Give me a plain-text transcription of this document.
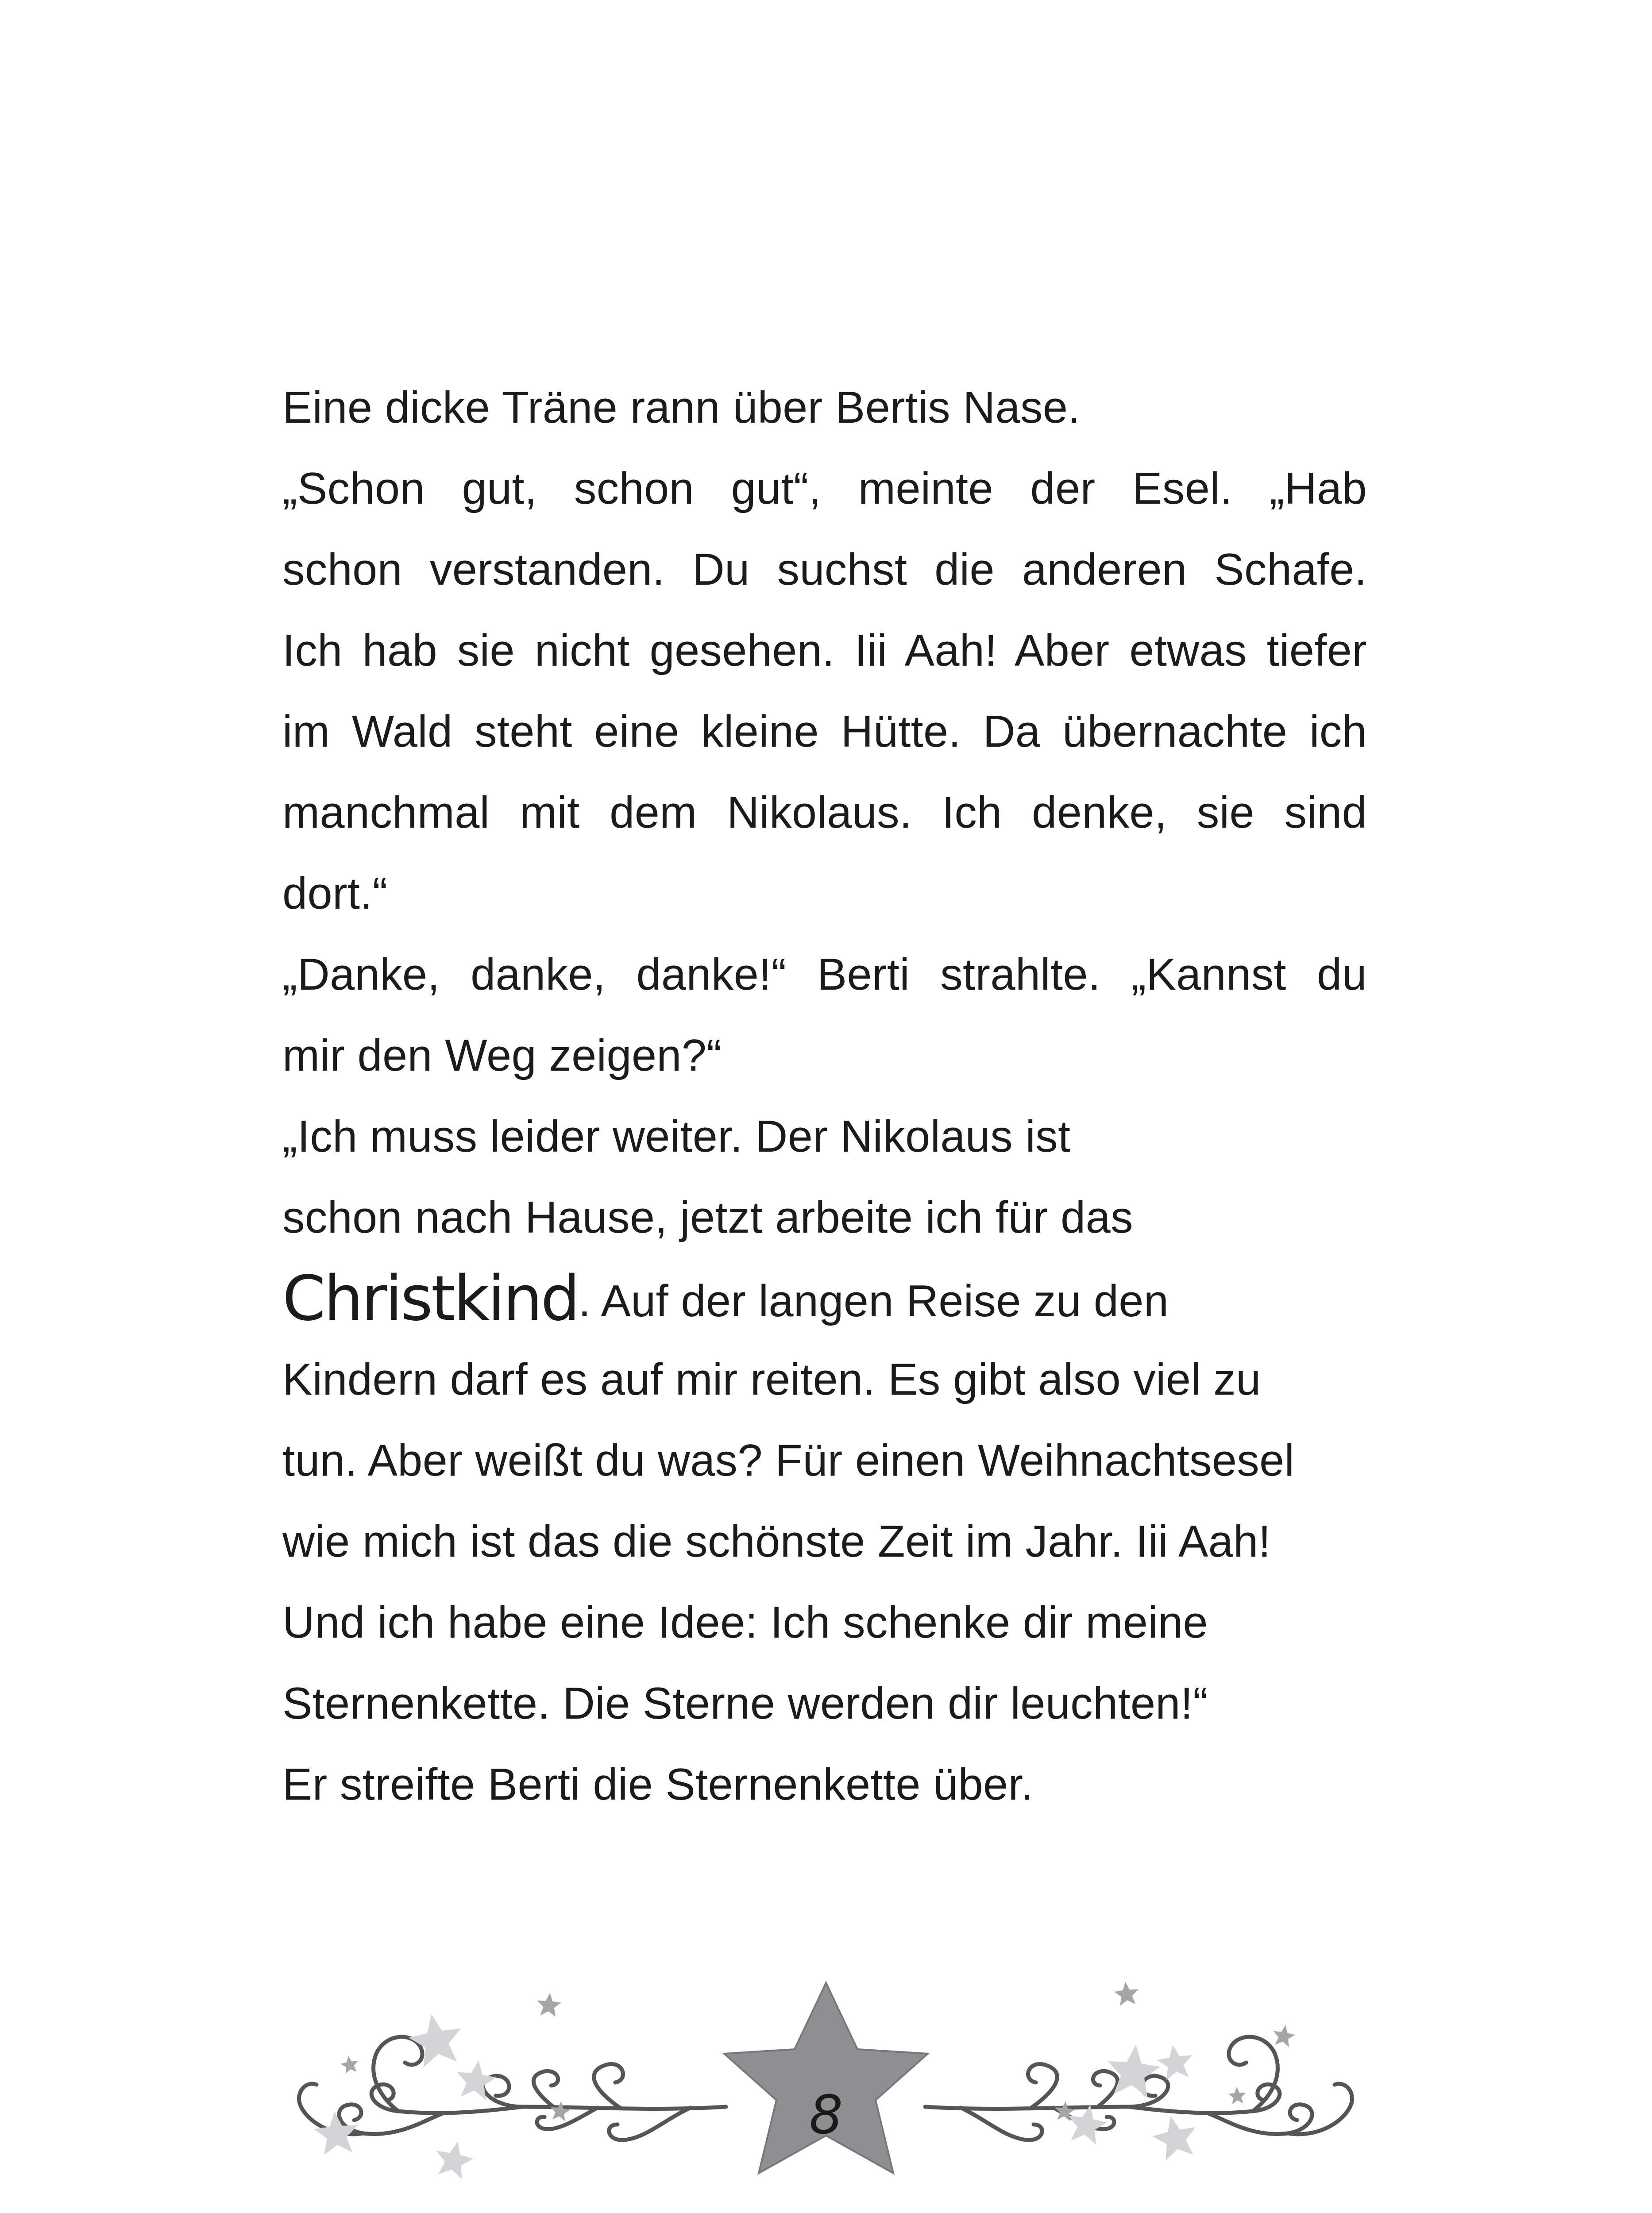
Eine dicke Träne rann über Bertis Nase.
„Schon gut, schon gut“, meinte der Esel. „Hab
schon verstanden. Du suchst die anderen Schafe.
Ich hab sie nicht gesehen. Iii Aah! Aber etwas tiefer
im Wald steht eine kleine Hütte. Da übernachte ich
manchmal mit dem Nikolaus. Ich denke, sie sind
dort.“
„Danke, danke, danke!“ Berti strahlte. „Kannst du
mir den Weg zeigen?“
„Ich muss leider weiter. Der Nikolaus ist
schon nach Hause, jetzt arbeite ich für das
Christkind. Auf der langen Reise zu den
Kindern darf es auf mir reiten. Es gibt also viel zu
tun. Aber weißt du was? Für einen Weihnachtsesel
wie mich ist das die schönste Zeit im Jahr. Iii Aah!
Und ich habe eine Idee: Ich schenke dir meine
Sternenkette. Die Sterne werden dir leuchten!“
Er streifte Berti die Sternenkette über.
8
